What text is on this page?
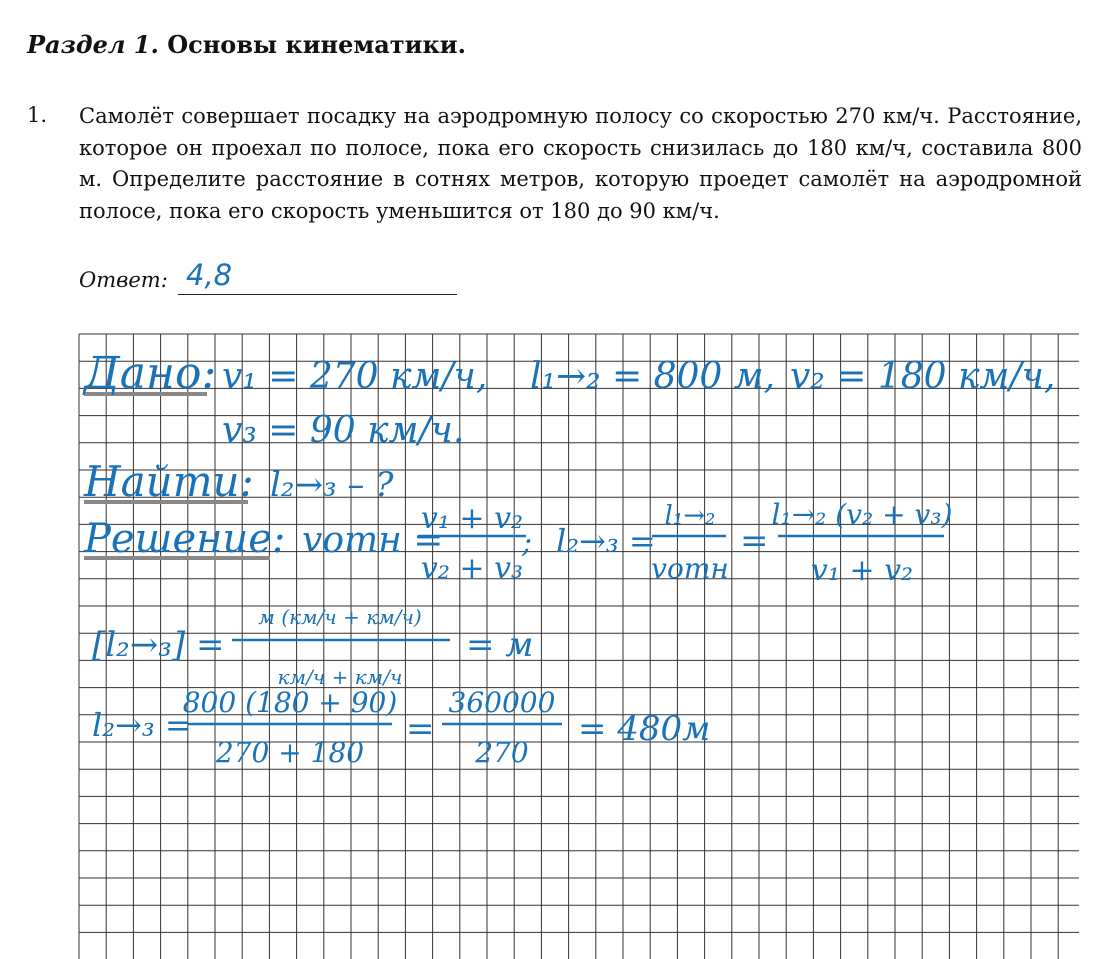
Раздел 1. Основы кинематики.
1. Самолёт совершает посадку на аэродромную полосу со скоростью 270 км/ч. Расстояние, которое он проехал по полосе, пока его скорость снизилась до 180 км/ч, составила 800 м. Определите расстояние в сотнях метров, которую проедет самолёт на аэродромной полосе, пока его скорость уменьшится от 180 до 90 км/ч.
Ответ: 4,8
Дано: v₁ = 270 км/ч, l₁→₂ = 800 м, v₂ = 180 км/ч,
v₃ = 90 км/ч.
Найти: l₂→₃ – ?
Решение: vотн =
v₁ + v₂
v₂ + v₃
; l₂→₃ =
l₁→₂
vотн
=
l₁→₂ (v₂ + v₃)
v₁ + v₂
[l₂→₃] =
м (км/ч + км/ч)
км/ч + км/ч
= м
l₂→₃ =
800 (180 + 90)
270 + 180
=
360000
270
= 480м
